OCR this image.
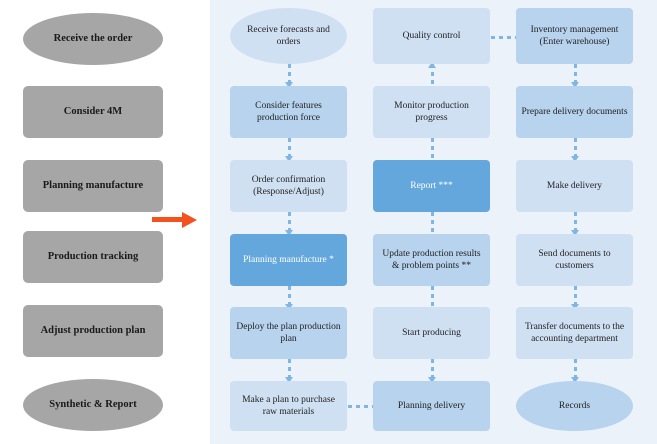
Receive the order
Consider 4M
Planning manufacture
Production tracking
Adjust production plan
Synthetic & Report
Receive forecasts and orders
Consider features production force
Order confirmation (Response/Adjust)
Planning manufacture *
Deploy the plan production plan
Make a plan to purchase raw materials
Quality control
Monitor production progress
Report ***
Update production results & problem points **
Start producing
Planning delivery
Inventory management (Enter warehouse)
Prepare delivery documents
Make delivery
Send documents to customers
Transfer documents to the accounting department
Records
